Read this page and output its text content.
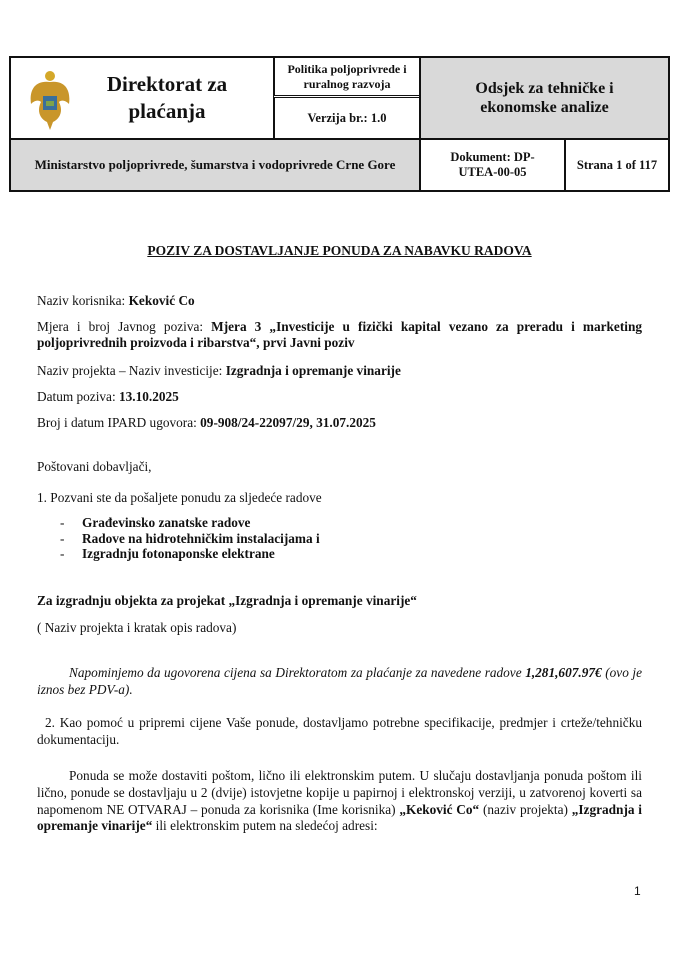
Direktorat za plaćanja
Politika poljoprivrede i ruralnog razvoja
Verzija br.: 1.0
Odsjek za tehničke i ekonomske analize
Ministarstvo poljoprivrede, šumarstva i vodoprivrede Crne Gore
Dokument: DP-UTEA-00-05
Strana 1 of 117
POZIV ZA DOSTAVLJANJE PONUDA ZA NABAVKU RADOVA
Naziv korisnika: Keković Co
Mjera i broj Javnog poziva: Mjera 3 „Investicije u fizički kapital vezano za preradu i marketing poljoprivrednih proizvoda i ribarstva“, prvi Javni poziv
Naziv projekta – Naziv investicije: Izgradnja i opremanje vinarije
Datum poziva: 13.10.2025
Broj i datum IPARD ugovora: 09-908/24-22097/29, 31.07.2025
Poštovani dobavljači,
1. Pozvani ste da pošaljete ponudu za sljedeće radove
- Građevinsko zanatske radove
- Radove na hidrotehničkim instalacijama i
- Izgradnju fotonaponske elektrane
Za izgradnju objekta za projekat „Izgradnja i opremanje vinarije“
( Naziv projekta i kratak opis radova)
Napominjemo da ugovorena cijena sa Direktoratom za plaćanje za navedene radove 1,281,607.97€ (ovo je iznos bez PDV-a).
2. Kao pomoć u pripremi cijene Vaše ponude, dostavljamo potrebne specifikacije, predmjer i crteže/tehničku dokumentaciju.
Ponuda se može dostaviti poštom, lično ili elektronskim putem. U slučaju dostavljanja ponuda poštom ili lično, ponude se dostavljaju u 2 (dvije) istovjetne kopije u papirnoj i elektronskoj verziji, u zatvorenoj koverti sa napomenom NE OTVARAJ – ponuda za korisnika (Ime korisnika) „Keković Co“ (naziv projekta) „Izgradnja i opremanje vinarije“ ili elektronskim putem na sledećoj adresi:
1
